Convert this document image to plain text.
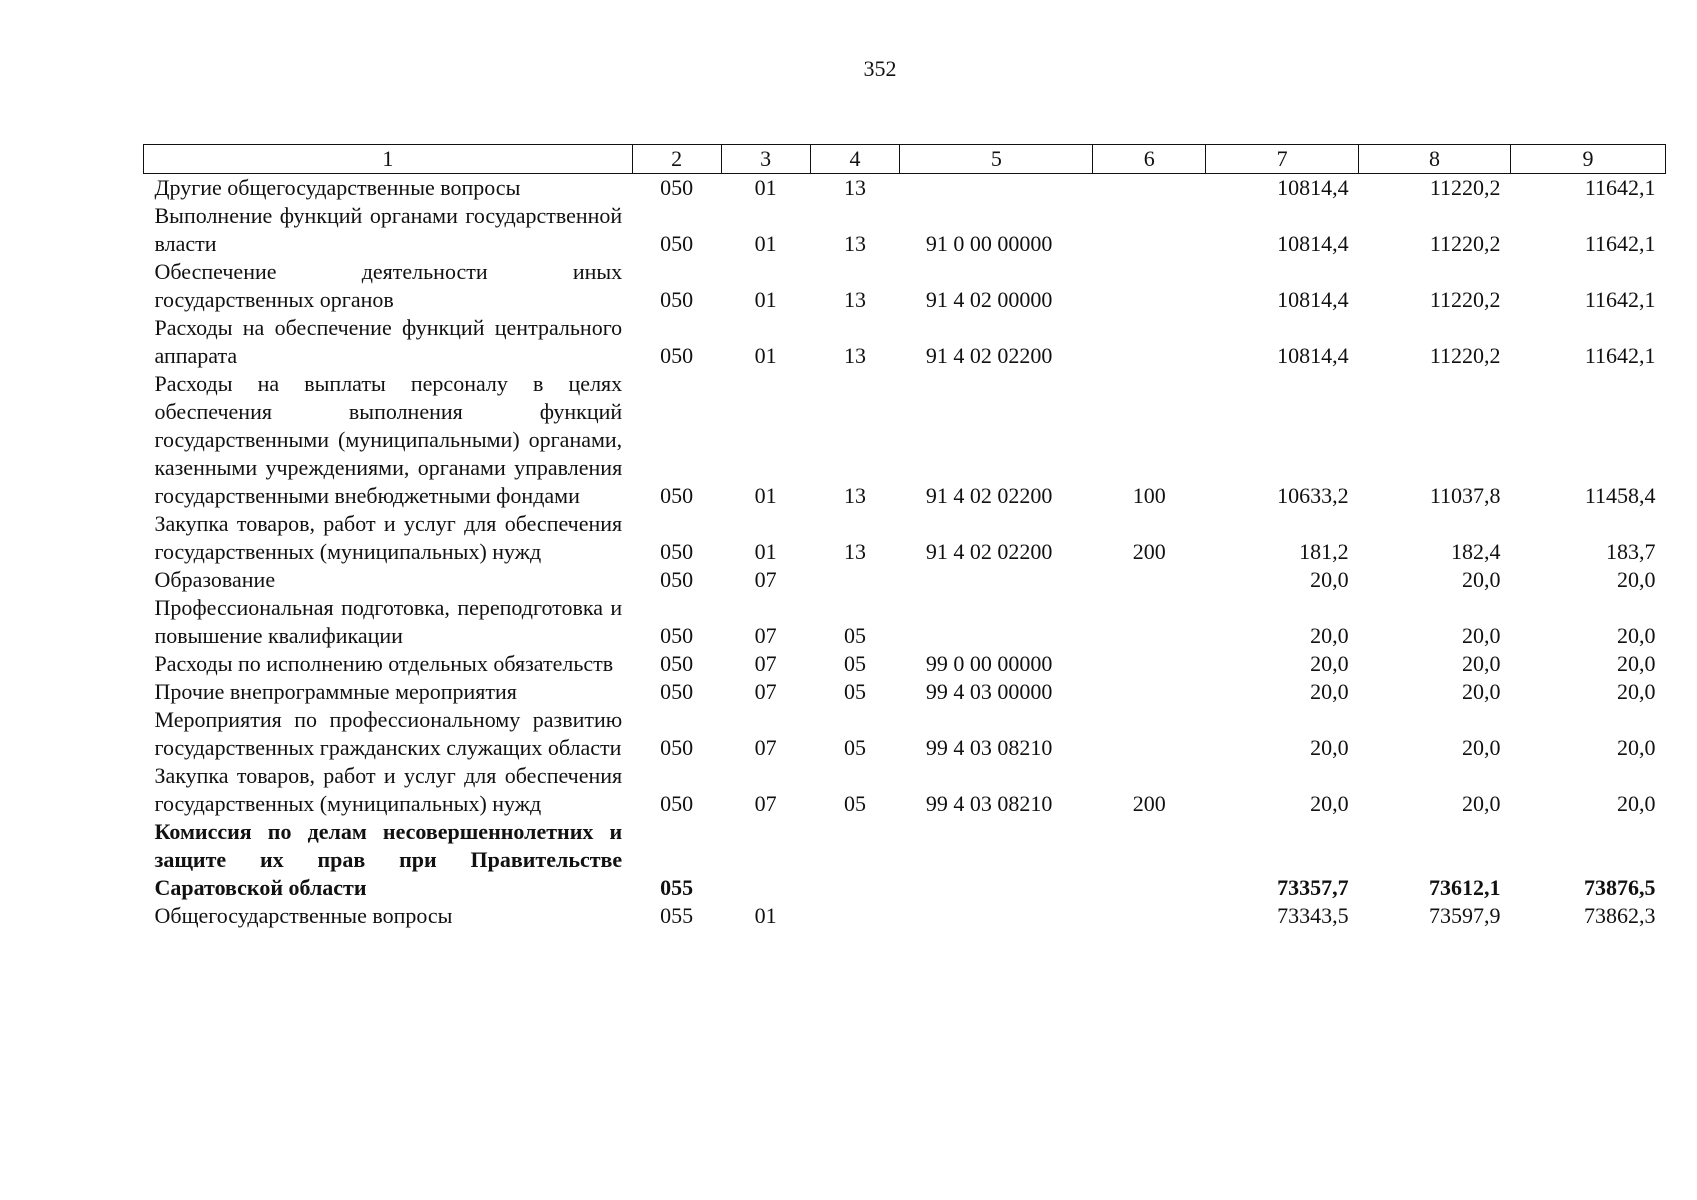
352
1	2	3	4	5	6	7	8	9
Другие общегосударственные вопросы	050	01	13			10814,4	11220,2	11642,1
Выполнение функций органами государственной власти	050	01	13	91 0 00 00000		10814,4	11220,2	11642,1
Обеспечение деятельности иных государственных органов	050	01	13	91 4 02 00000		10814,4	11220,2	11642,1
Расходы на обеспечение функций центрального аппарата	050	01	13	91 4 02 02200		10814,4	11220,2	11642,1
Расходы на выплаты персоналу в целях обеспечения выполнения функций государственными (муниципальными) органами, казенными учреждениями, органами управления государственными внебюджетными фондами	050	01	13	91 4 02 02200	100	10633,2	11037,8	11458,4
Закупка товаров, работ и услуг для обеспечения государственных (муниципальных) нужд	050	01	13	91 4 02 02200	200	181,2	182,4	183,7
Образование	050	07				20,0	20,0	20,0
Профессиональная подготовка, переподготовка и повышение квалификации	050	07	05			20,0	20,0	20,0
Расходы по исполнению отдельных обязательств	050	07	05	99 0 00 00000		20,0	20,0	20,0
Прочие внепрограммные мероприятия	050	07	05	99 4 03 00000		20,0	20,0	20,0
Мероприятия по профессиональному развитию государственных гражданских служащих области	050	07	05	99 4 03 08210		20,0	20,0	20,0
Закупка товаров, работ и услуг для обеспечения государственных (муниципальных) нужд	050	07	05	99 4 03 08210	200	20,0	20,0	20,0
Комиссия по делам несовершеннолетних и защите их прав при Правительстве Саратовской области	055					73357,7	73612,1	73876,5
Общегосударственные вопросы	055	01				73343,5	73597,9	73862,3
